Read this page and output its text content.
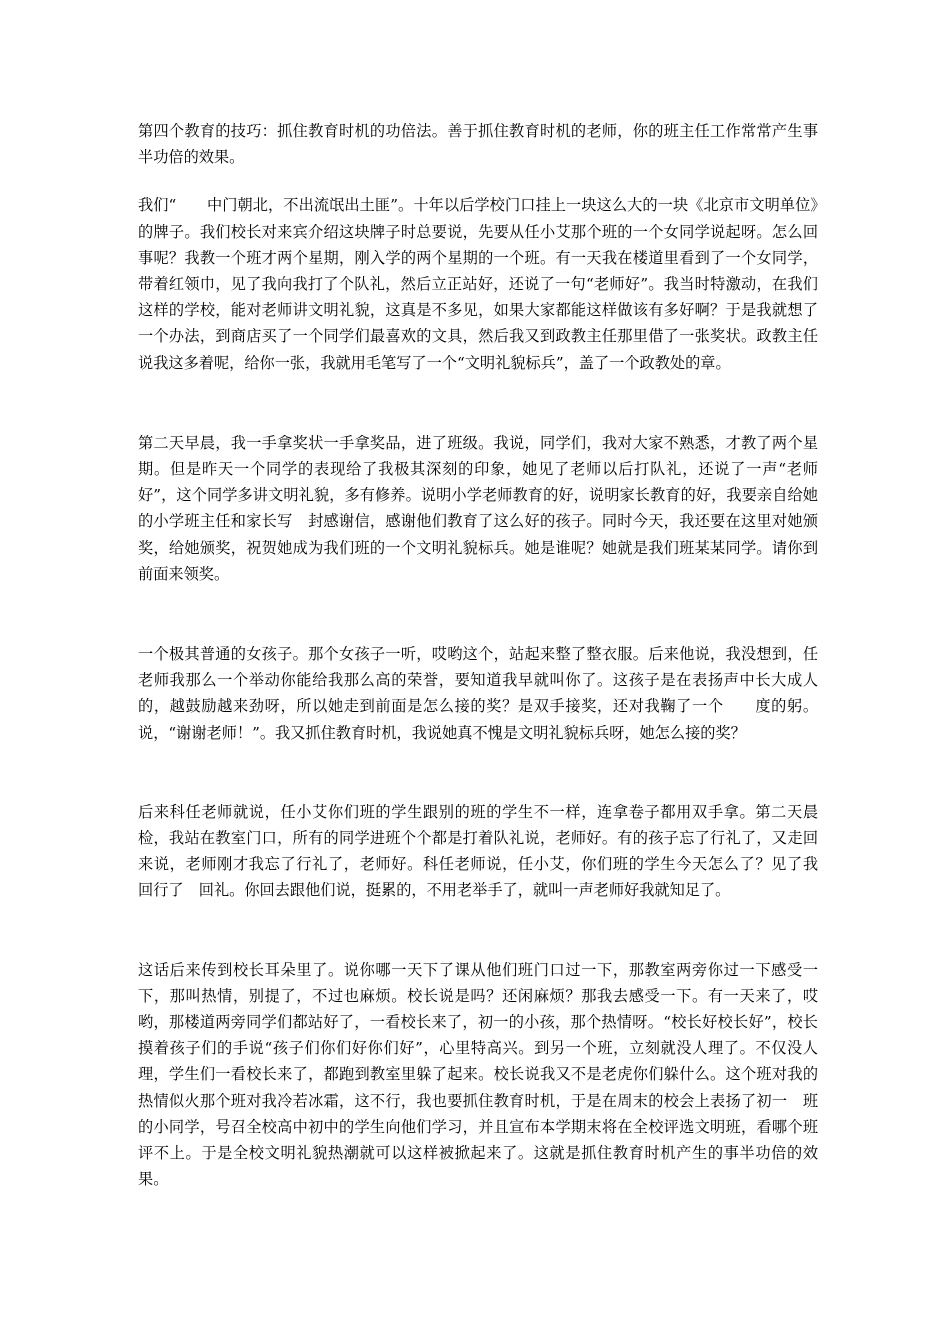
第四个教育的技巧：抓住教育时机的功倍法。善于抓住教育时机的老师，你的班主任工作常常产生事半功倍的效果。

我们“　　中门朝北，不出流氓出土匪”。十年以后学校门口挂上一块这么大的一块《北京市文明单位》的牌子。我们校长对来宾介绍这块牌子时总要说，先要从任小艾那个班的一个女同学说起呀。怎么回事呢？我教一个班才两个星期，刚入学的两个星期的一个班。有一天我在楼道里看到了一个女同学，带着红领巾，见了我向我打了个队礼，然后立正站好，还说了一句“老师好”。我当时特激动，在我们这样的学校，能对老师讲文明礼貌，这真是不多见，如果大家都能这样做该有多好啊？于是我就想了一个办法，到商店买了一个同学们最喜欢的文具，然后我又到政教主任那里借了一张奖状。政教主任说我这多着呢，给你一张，我就用毛笔写了一个“文明礼貌标兵”，盖了一个政教处的章。

第二天早晨，我一手拿奖状一手拿奖品，进了班级。我说，同学们，我对大家不熟悉，才教了两个星期。但是昨天一个同学的表现给了我极其深刻的印象，她见了老师以后打队礼，还说了一声“老师好”，这个同学多讲文明礼貌，多有修养。说明小学老师教育的好，说明家长教育的好，我要亲自给她的小学班主任和家长写　封感谢信，感谢他们教育了这么好的孩子。同时今天，我还要在这里对她颁奖，给她颁奖，祝贺她成为我们班的一个文明礼貌标兵。她是谁呢？她就是我们班某某同学。请你到前面来领奖。

一个极其普通的女孩子。那个女孩子一听，哎哟这个，站起来整了整衣服。后来他说，我没想到，任老师我那么一个举动你能给我那么高的荣誉，要知道我早就叫你了。这孩子是在表扬声中长大成人的，越鼓励越来劲呀，所以她走到前面是怎么接的奖？是双手接奖，还对我鞠了一个　　度的躬。说，“谢谢老师！”。我又抓住教育时机，我说她真不愧是文明礼貌标兵呀，她怎么接的奖？

后来科任老师就说，任小艾你们班的学生跟别的班的学生不一样，连拿卷子都用双手拿。第二天晨检，我站在教室门口，所有的同学进班个个都是打着队礼说，老师好。有的孩子忘了行礼了，又走回来说，老师刚才我忘了行礼了，老师好。科任老师说，任小艾，你们班的学生今天怎么了？见了我　回行了　回礼。你回去跟他们说，挺累的，不用老举手了，就叫一声老师好我就知足了。

这话后来传到校长耳朵里了。说你哪一天下了课从他们班门口过一下，那教室两旁你过一下感受一下，那叫热情，别提了，不过也麻烦。校长说是吗？还闲麻烦？那我去感受一下。有一天来了，哎哟，那楼道两旁同学们都站好了，一看校长来了，初一的小孩，那个热情呀。“校长好校长好”，校长摸着孩子们的手说“孩子们你们好你们好”，心里特高兴。到另一个班，立刻就没人理了。不仅没人理，学生们一看校长来了，都跑到教室里躲了起来。校长说我又不是老虎你们躲什么。这个班对我的热情似火那个班对我冷若冰霜，这不行，我也要抓住教育时机，于是在周末的校会上表扬了初一　班的小同学，号召全校高中初中的学生向他们学习，并且宣布本学期末将在全校评选文明班，看哪个班评不上。于是全校文明礼貌热潮就可以这样被掀起来了。这就是抓住教育时机产生的事半功倍的效果。
